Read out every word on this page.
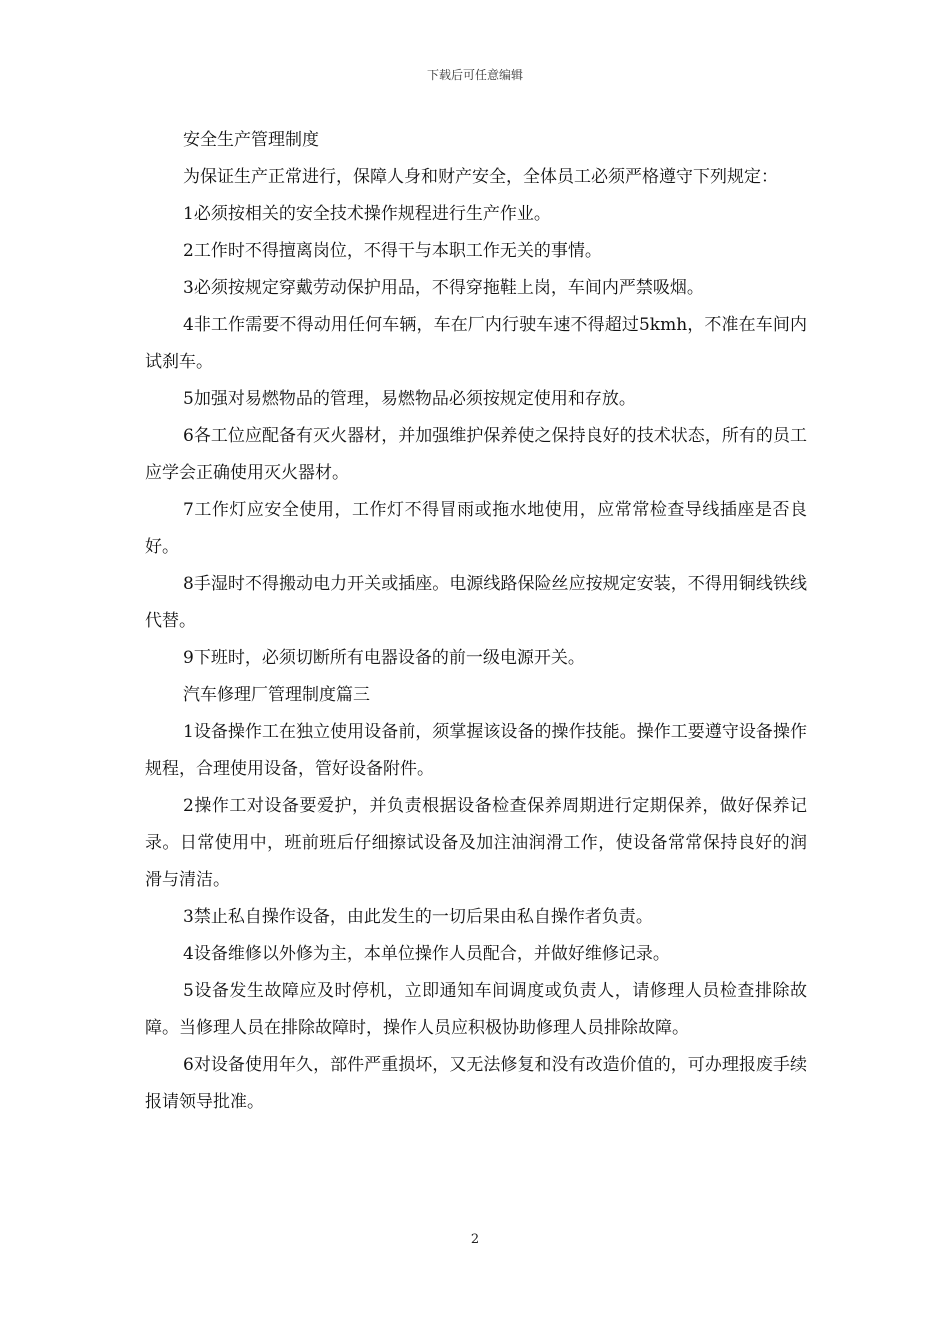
下载后可任意编辑

安全生产管理制度

为保证生产正常进行，保障人身和财产安全，全体员工必须严格遵守下列规定：

1必须按相关的安全技术操作规程进行生产作业。

2工作时不得擅离岗位，不得干与本职工作无关的事情。

3必须按规定穿戴劳动保护用品，不得穿拖鞋上岗，车间内严禁吸烟。

4非工作需要不得动用任何车辆，车在厂内行驶车速不得超过5kmh，不准在车间内试刹车。

5加强对易燃物品的管理，易燃物品必须按规定使用和存放。

6各工位应配备有灭火器材，并加强维护保养使之保持良好的技术状态，所有的员工应学会正确使用灭火器材。

7工作灯应安全使用，工作灯不得冒雨或拖水地使用，应常常检查导线插座是否良好。

8手湿时不得搬动电力开关或插座。电源线路保险丝应按规定安装，不得用铜线铁线代替。

9下班时，必须切断所有电器设备的前一级电源开关。

汽车修理厂管理制度篇三

1设备操作工在独立使用设备前，须掌握该设备的操作技能。操作工要遵守设备操作规程，合理使用设备，管好设备附件。

2操作工对设备要爱护，并负责根据设备检查保养周期进行定期保养，做好保养记录。日常使用中，班前班后仔细擦试设备及加注油润滑工作，使设备常常保持良好的润滑与清洁。

3禁止私自操作设备，由此发生的一切后果由私自操作者负责。

4设备维修以外修为主，本单位操作人员配合，并做好维修记录。

5设备发生故障应及时停机，立即通知车间调度或负责人，请修理人员检查排除故障。当修理人员在排除故障时，操作人员应积极协助修理人员排除故障。

6对设备使用年久，部件严重损坏，又无法修复和没有改造价值的，可办理报废手续报请领导批准。

2
